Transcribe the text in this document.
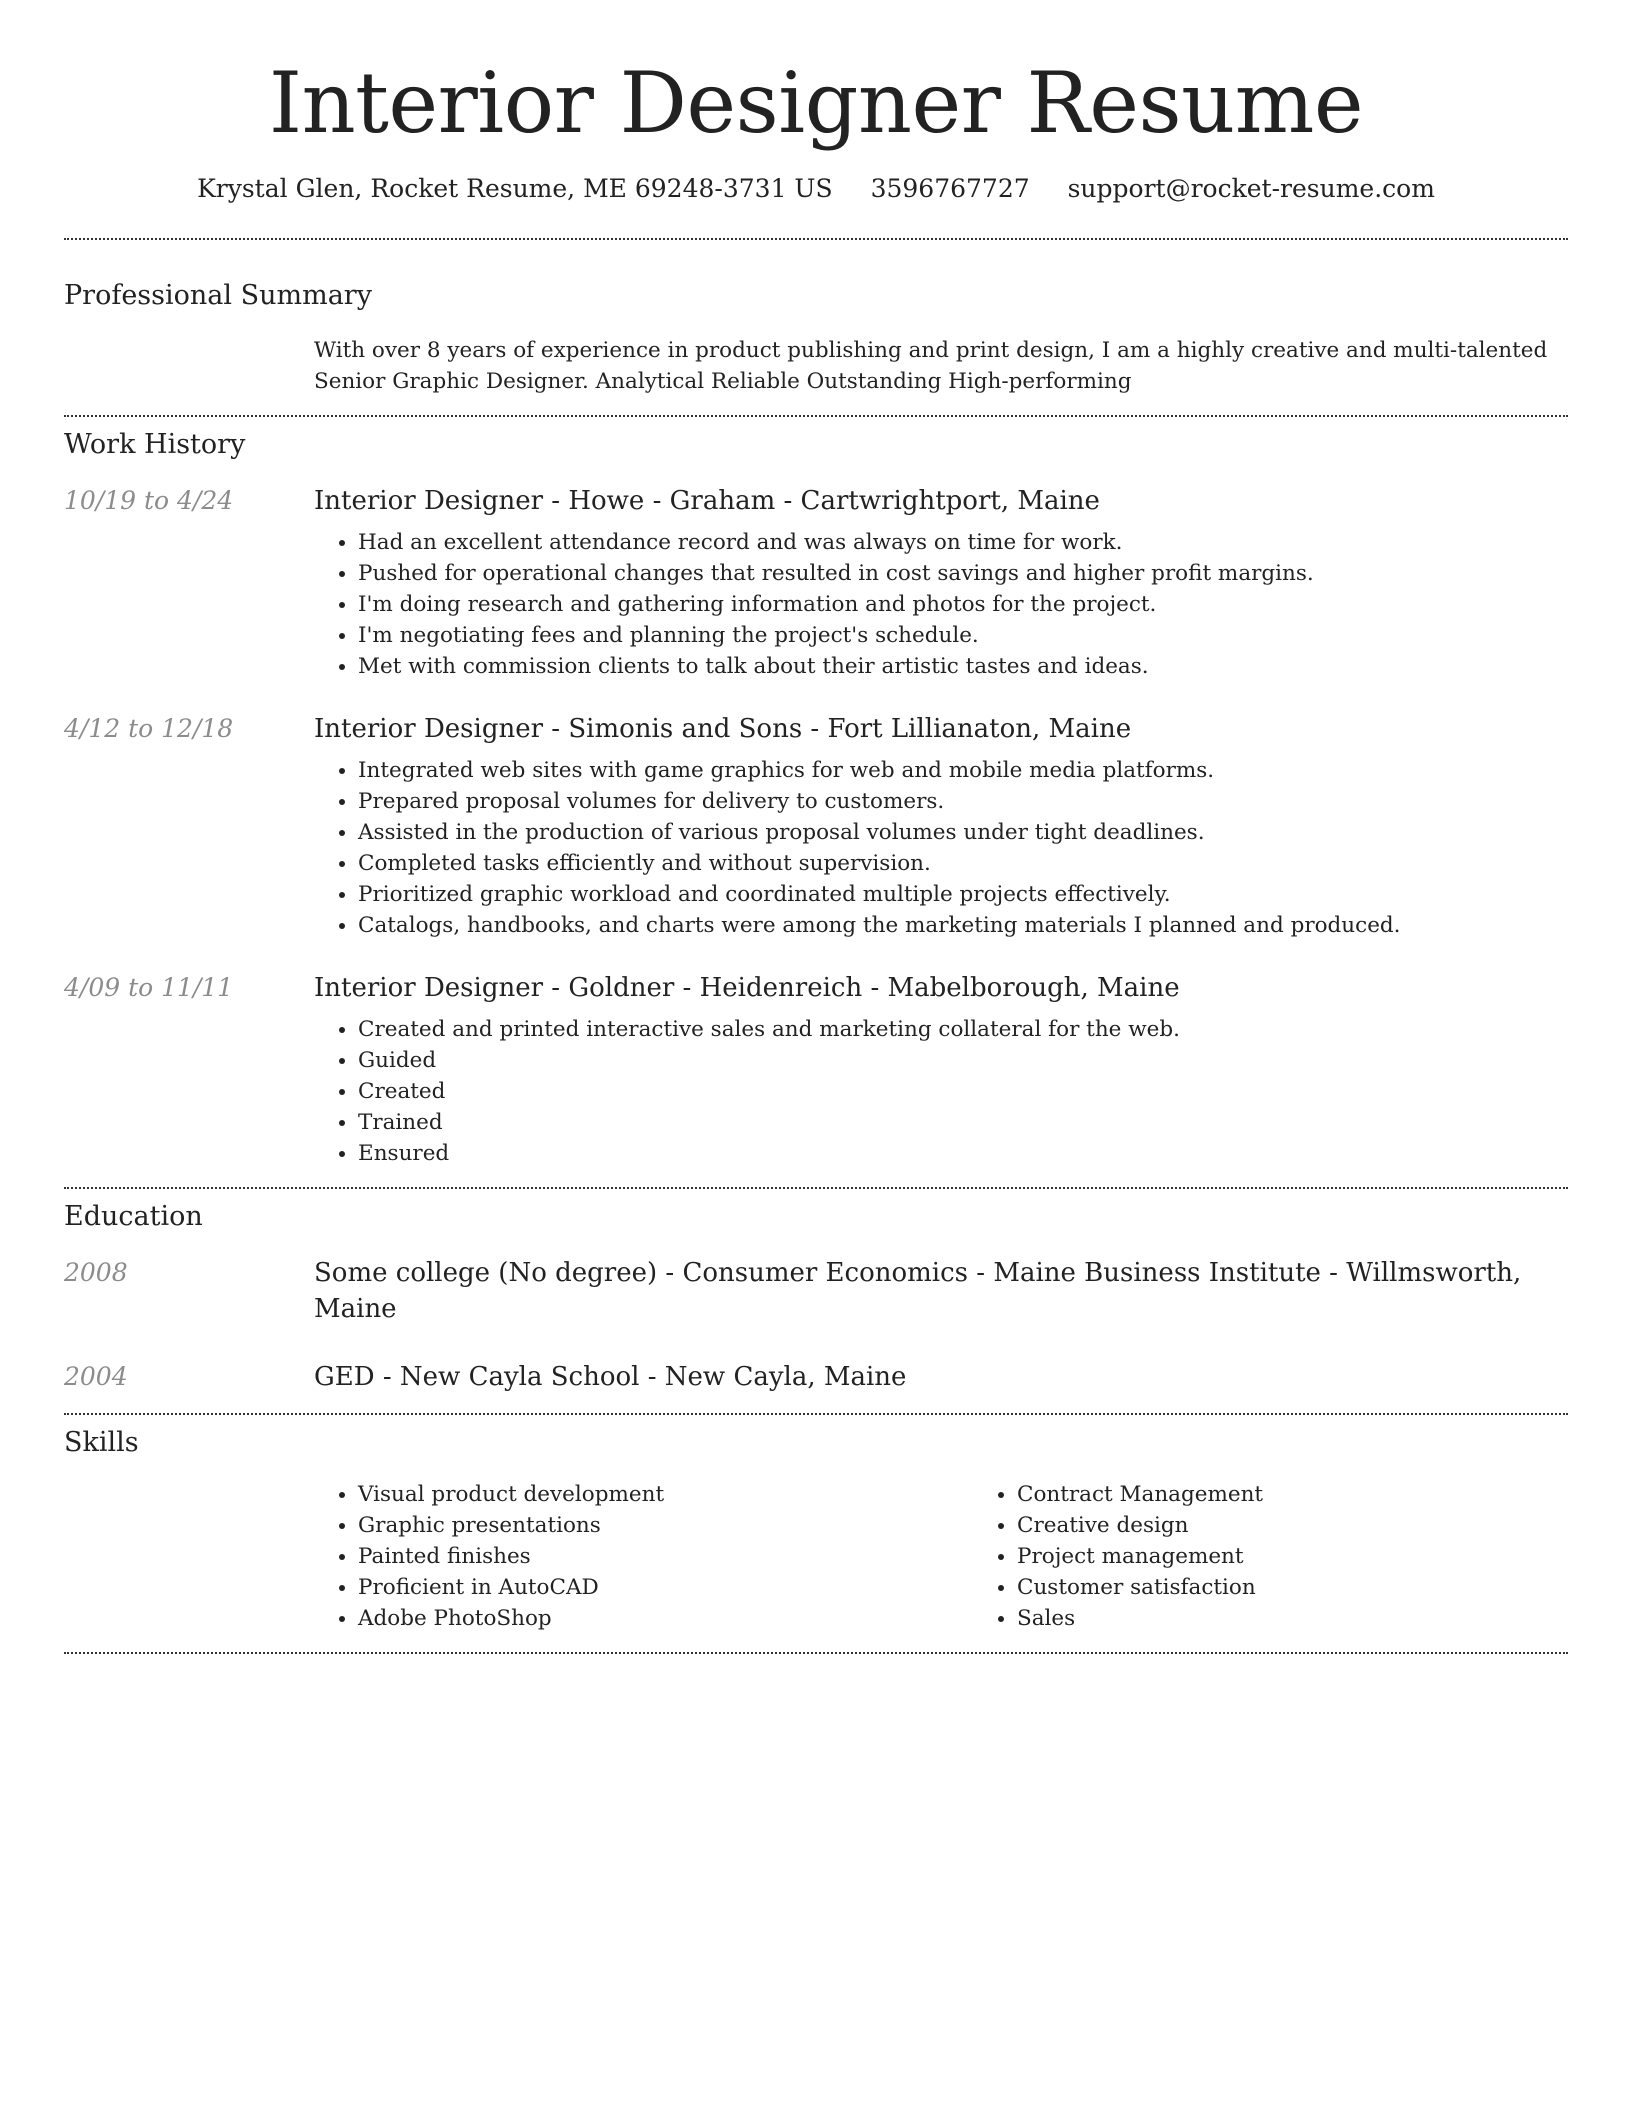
Interior Designer Resume
Krystal Glen, Rocket Resume, ME 69248-3731 US 3596767727 support@rocket-resume.com
Professional Summary
With over 8 years of experience in product publishing and print design, I am a highly creative and multi-talented Senior Graphic Designer. Analytical Reliable Outstanding High-performing
Work History
10/19 to 4/24	Interior Designer - Howe - Graham - Cartwrightport, Maine
• Had an excellent attendance record and was always on time for work.
• Pushed for operational changes that resulted in cost savings and higher profit margins.
• I'm doing research and gathering information and photos for the project.
• I'm negotiating fees and planning the project's schedule.
• Met with commission clients to talk about their artistic tastes and ideas.
4/12 to 12/18	Interior Designer - Simonis and Sons - Fort Lillianaton, Maine
• Integrated web sites with game graphics for web and mobile media platforms.
• Prepared proposal volumes for delivery to customers.
• Assisted in the production of various proposal volumes under tight deadlines.
• Completed tasks efficiently and without supervision.
• Prioritized graphic workload and coordinated multiple projects effectively.
• Catalogs, handbooks, and charts were among the marketing materials I planned and produced.
4/09 to 11/11	Interior Designer - Goldner - Heidenreich - Mabelborough, Maine
• Created and printed interactive sales and marketing collateral for the web.
• Guided
• Created
• Trained
• Ensured
Education
2008	Some college (No degree) - Consumer Economics - Maine Business Institute - Willmsworth, Maine
2004	GED - New Cayla School - New Cayla, Maine
Skills
• Visual product development
• Graphic presentations
• Painted finishes
• Proficient in AutoCAD
• Adobe PhotoShop
• Contract Management
• Creative design
• Project management
• Customer satisfaction
• Sales
